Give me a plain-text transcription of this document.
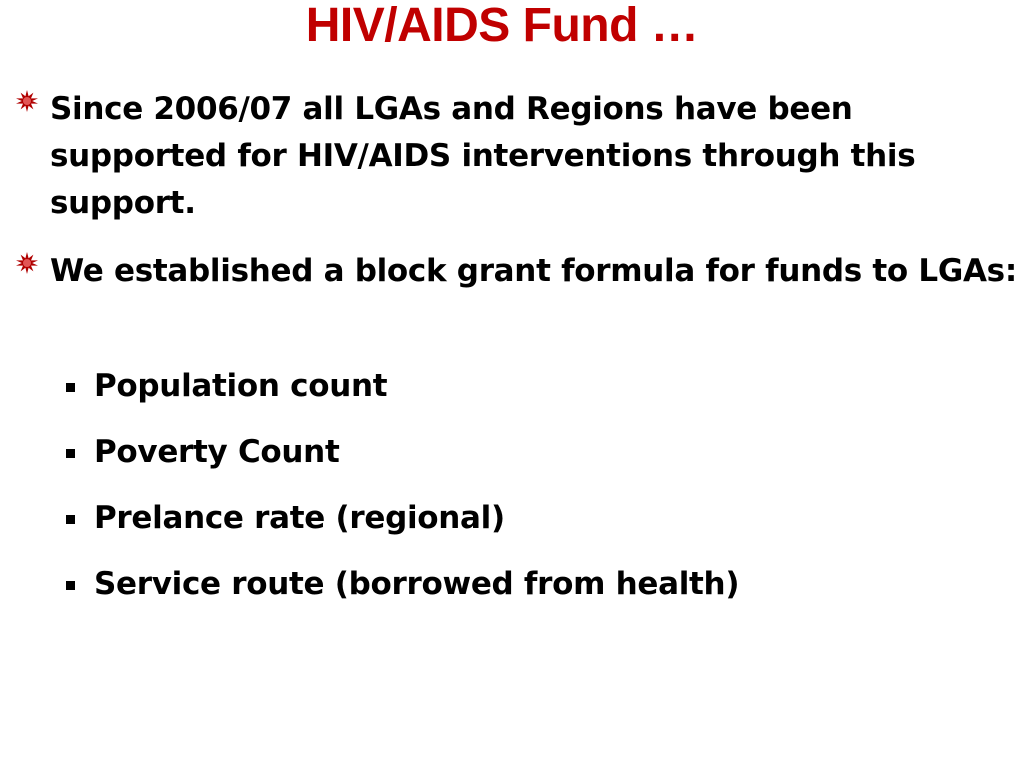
HIV/AIDS Fund …
Since 2006/07 all LGAs and Regions have been supported for HIV/AIDS interventions through this support.
We established a block grant formula for funds to LGAs:
Population count
Poverty Count
Prelance rate (regional)
Service route (borrowed from health)
